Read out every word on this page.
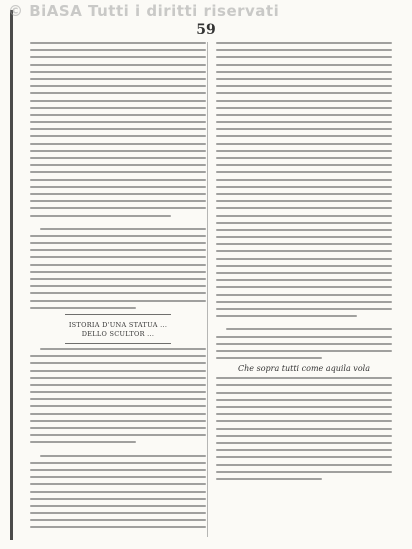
© BiASA Tutti i diritti riservati
59
ISTORIA D'UNA STATUA ...
DELLO SCULTOR ...
Che sopra tutti come aquila vola
